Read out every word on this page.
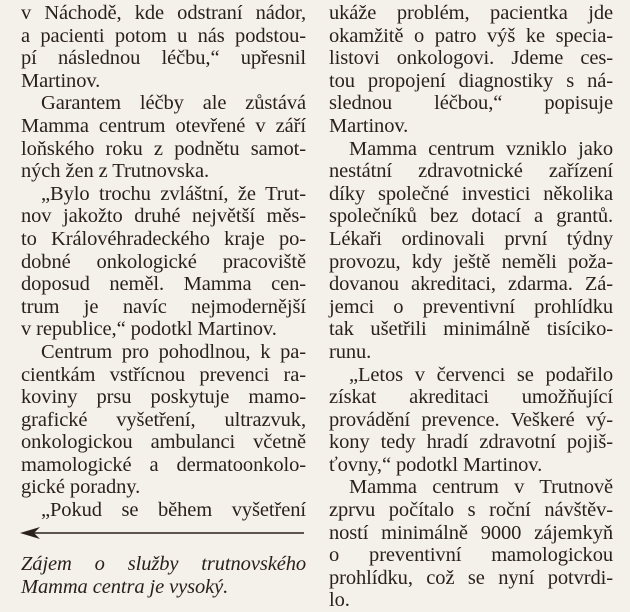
v Náchodě, kde odstraní nádor,
a pacienti potom u nás podstou-
pí následnou léčbu,“ upřesnil
Martinov.
Garantem léčby ale zůstává
Mamma centrum otevřené v září
loňského roku z podnětu samot-
ných žen z Trutnovska.
„Bylo trochu zvláštní, že Trut-
nov jakožto druhé největší měs-
to Královéhradeckého kraje po-
dobné onkologické pracoviště
doposud neměl. Mamma cen-
trum je navíc nejmodernější
v republice,“ podotkl Martinov.
Centrum pro pohodlnou, k pa-
cientkám vstřícnou prevenci ra-
koviny prsu poskytuje mamo-
grafické vyšetření, ultrazvuk,
onkologickou ambulanci včetně
mamologické a dermatoonkolo-
gické poradny.
„Pokud se během vyšetření
ukáže problém, pacientka jde
okamžitě o patro výš ke specia-
listovi onkologovi. Jdeme ces-
tou propojení diagnostiky s ná-
slednou léčbou,“ popisuje
Martinov.
Mamma centrum vzniklo jako
nestátní zdravotnické zařízení
díky společné investici několika
společníků bez dotací a grantů.
Lékaři ordinovali první týdny
provozu, kdy ještě neměli poža-
dovanou akreditaci, zdarma. Zá-
jemci o preventivní prohlídku
tak ušetřili minimálně tisíciko-
runu.
„Letos v červenci se podařilo
získat akreditaci umožňující
provádění prevence. Veškeré vý-
kony tedy hradí zdravotní pojiš-
ťovny,“ podotkl Martinov.
Mamma centrum v Trutnově
zprvu počítalo s roční návštěv-
ností minimálně 9000 zájemkyň
o preventivní mamologickou
prohlídku, což se nyní potvrdi-
lo.
Zájem o služby trutnovského
Mamma centra je vysoký.
